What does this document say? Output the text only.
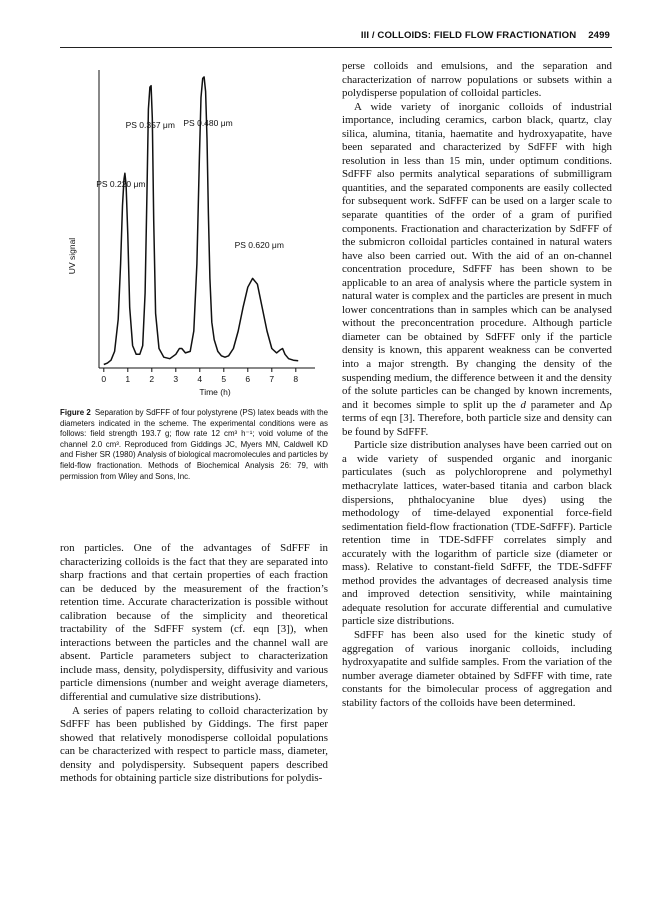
III / COLLOIDS: FIELD FLOW FRACTIONATION 2499
0 1 2 3 4 5 6 7 8
PS 0.220 μm
PS 0.357 μm PS 0.480 μm
PS 0.620 μm
UV signal
Time (h)
Figure 2 Separation by SdFFF of four polystyrene (PS) latex beads with the diameters indicated in the scheme. The experimental conditions were as follows: field strength 193.7 g; flow rate 12 cm³ h⁻¹; void volume of the channel 2.0 cm³. Reproduced from Giddings JC, Myers MN, Caldwell KD and Fisher SR (1980) Analysis of biological macromolecules and particles by field-flow fractionation. Methods of Biochemical Analysis 26: 79, with permission from Wiley and Sons, Inc.

ron particles. One of the advantages of SdFFF in characterizing colloids is the fact that they are separated into sharp fractions and that certain properties of each fraction can be deduced by the measurement of the fraction’s retention time. Accurate characterization is possible without calibration because of the simplicity and theoretical tractability of the SdFFF system (cf. eqn [3]), when interactions between the particles and the channel wall are absent. Particle parameters subject to characterization include mass, density, polydispersity, diffusivity and various particle dimensions (number and weight average diameters, differential and cumulative size distributions).

A series of papers relating to colloid characterization by SdFFF has been published by Giddings. The first paper showed that relatively monodisperse colloidal populations can be characterized with respect to particle mass, diameter, density and polydispersity. Subsequent papers described methods for obtaining particle size distributions for polydis-

perse colloids and emulsions, and the separation and characterization of narrow populations or subsets within a polydisperse population of colloidal particles.

A wide variety of inorganic colloids of industrial importance, including ceramics, carbon black, quartz, clay silica, alumina, titania, haematite and hydroxyapatite, have been separated and characterized by SdFFF with high resolution in less than 15 min, under optimum conditions. SdFFF also permits analytical separations of submilligram quantities, and the separated components are easily collected for subsequent work. SdFFF can be used on a larger scale to separate quantities of the order of a gram of purified components. Fractionation and characterization by SdFFF of the submicron colloidal particles contained in natural waters have also been carried out. With the aid of an on-channel concentration procedure, SdFFF has been shown to be applicable to an area of analysis where the particle system in natural water is complex and the particles are present in much lower concentrations than in samples which can be analysed without the preconcentration procedure. Although particle diameter can be obtained by SdFFF only if the particle density is known, this apparent weakness can be converted into a major strength. By changing the density of the suspending medium, the difference between it and the density of the solute particles can be changed by known increments, and it becomes simple to split up the d parameter and Δρ terms of eqn [3]. Therefore, both particle size and density can be found by SdFFF.

Particle size distribution analyses have been carried out on a wide variety of suspended organic and inorganic particulates (such as polychloroprene and polymethyl methacrylate lattices, water-based titania and carbon black dispersions, phthalocyanine blue dyes) using the methodology of time-delayed exponential force-field sedimentation field-flow fractionation (TDE-SdFFF). Particle retention time in TDE-SdFFF correlates simply and accurately with the logarithm of particle size (diameter or mass). Relative to constant-field SdFFF, the TDE-SdFFF method provides the advantages of decreased analysis time and improved detection sensitivity, while maintaining adequate resolution for accurate differential and cumulative particle size distributions.

SdFFF has been also used for the kinetic study of aggregation of various inorganic colloids, including hydroxyapatite and sulfide samples. From the variation of the number average diameter obtained by SdFFF with time, rate constants for the bimolecular process of aggregation and stability factors of the colloids have been determined.
